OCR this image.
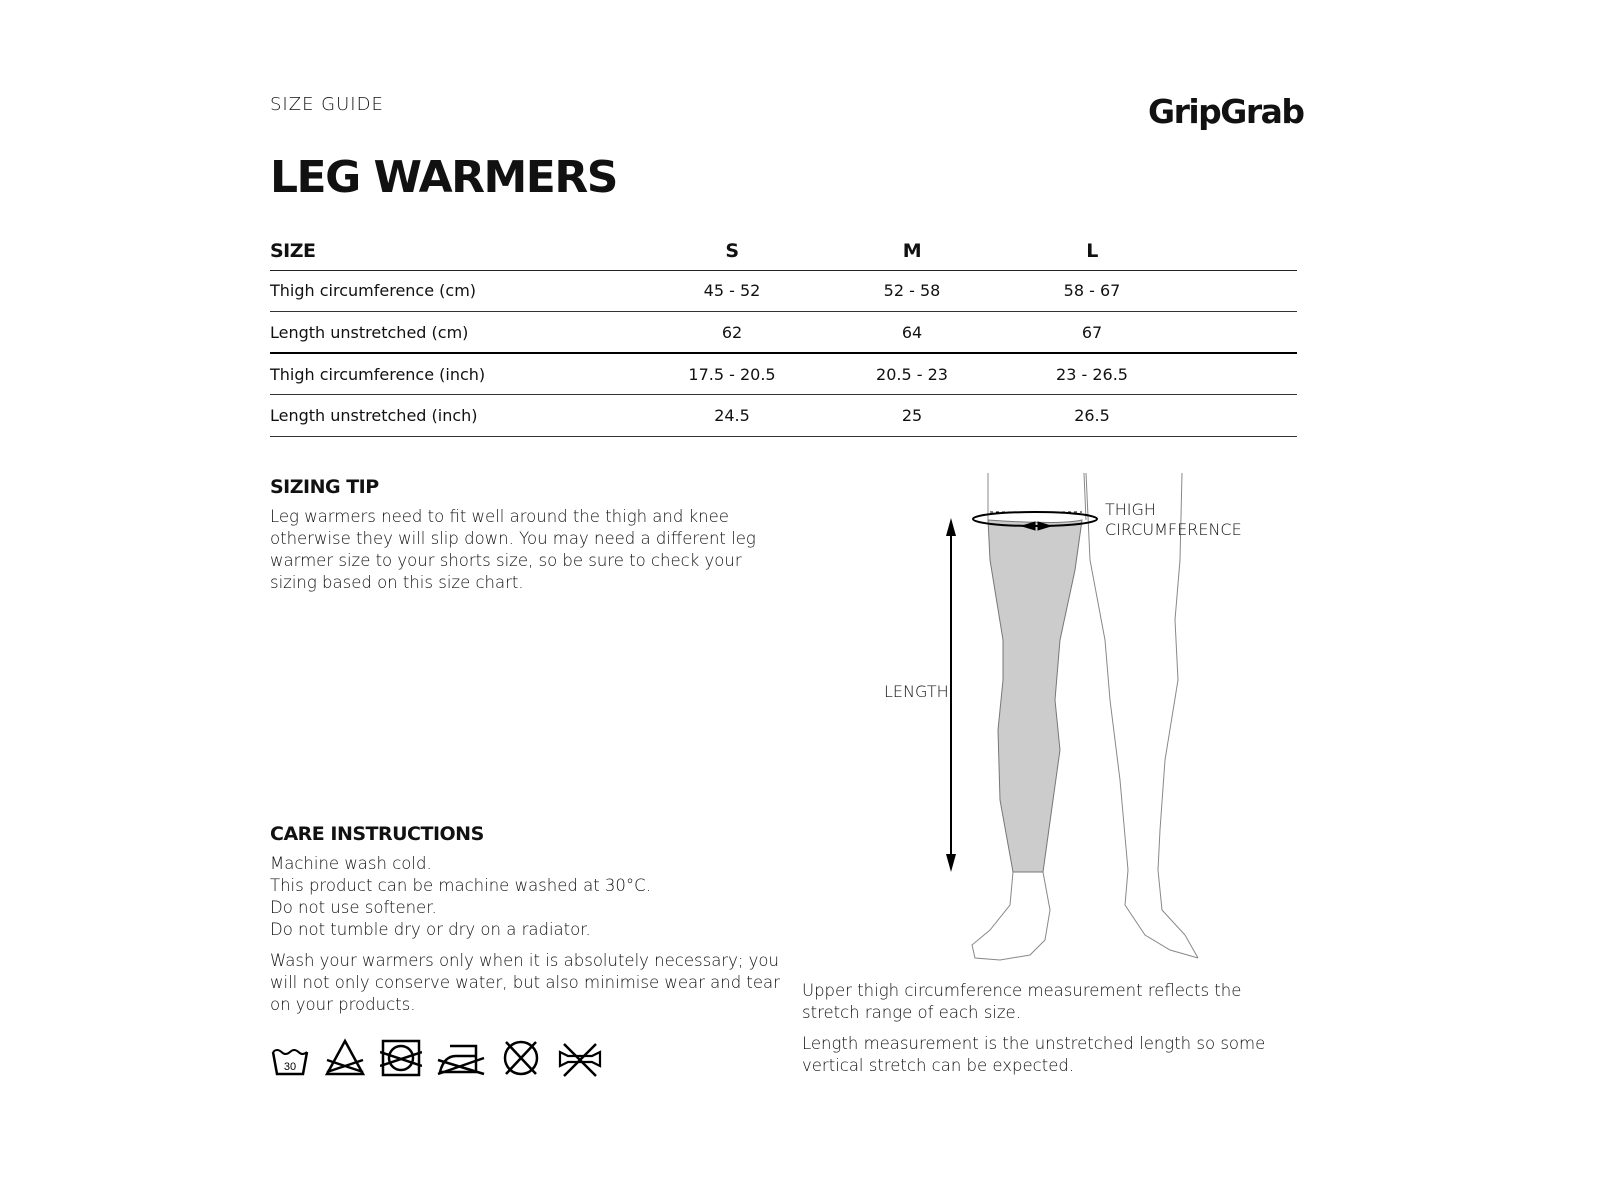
SIZE GUIDE	GripGrab
LEG WARMERS
SIZE	S	M	L	
Thigh circumference (cm)	45 - 52	52 - 58	58 - 67	
Length unstretched (cm)	62	64	67	
Thigh circumference (inch)	17.5 - 20.5	20.5 - 23	23 - 26.5	
Length unstretched (inch)	24.5	25	26.5	
SIZING TIP

Leg warmers need to fit well around the thigh and knee otherwise they will slip down. You may need a different leg warmer size to your shorts size, so be sure to check your sizing based on this size chart.

CARE INSTRUCTIONS
Machine wash cold.
This product can be machine washed at 30°C.
Do not use softener.
Do not tumble dry or dry on a radiator.
Wash your warmers only when it is absolutely necessary; you will not only conserve water, but also minimise wear and tear on your products.
30
THIGH
CIRCUMFERENCE
LENGTH

Upper thigh circumference measurement reflects the stretch range of each size.

Length measurement is the unstretched length so some vertical stretch can be expected.
